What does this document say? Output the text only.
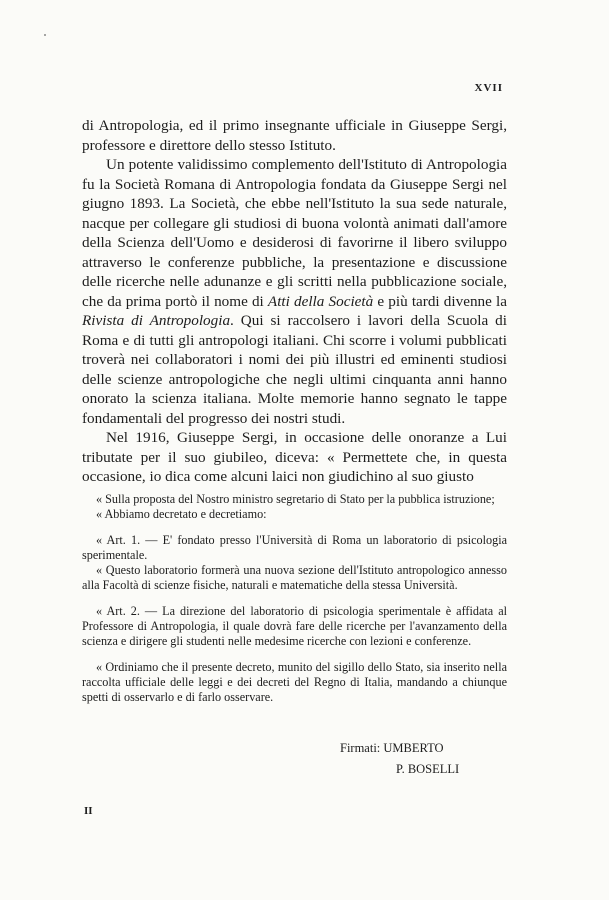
XVII

di Antropologia, ed il primo insegnante ufficiale in Giuseppe Sergi, professore e direttore dello stesso Istituto.

Un potente validissimo complemento dell'Istituto di Antropologia fu la Società Romana di Antropologia fondata da Giuseppe Sergi nel giugno 1893. La Società, che ebbe nell'Istituto la sua sede naturale, nacque per collegare gli studiosi di buona volontà animati dall'amore della Scienza dell'Uomo e desiderosi di favorirne il libero sviluppo attraverso le conferenze pubbliche, la presentazione e discussione delle ricerche nelle adunanze e gli scritti nella pubblicazione sociale, che da prima portò il nome di Atti della Società e più tardi divenne la Rivista di Antropologia. Qui si raccolsero i lavori della Scuola di Roma e di tutti gli antropologi italiani. Chi scorre i volumi pubblicati troverà nei collaboratori i nomi dei più illustri ed eminenti studiosi delle scienze antropologiche che negli ultimi cinquanta anni hanno onorato la scienza italiana. Molte memorie hanno segnato le tappe fondamentali del progresso dei nostri studi.

Nel 1916, Giuseppe Sergi, in occasione delle onoranze a Lui tributate per il suo giubileo, diceva: « Permettete che, in questa occasione, io dica come alcuni laici non giudichino al suo giusto

« Sulla proposta del Nostro ministro segretario di Stato per la pubblica istruzione;

« Abbiamo decretato e decretiamo:

« Art. 1. — E' fondato presso l'Università di Roma un laboratorio di psicologia sperimentale.

« Questo laboratorio formerà una nuova sezione dell'Istituto antropologico annesso alla Facoltà di scienze fisiche, naturali e matematiche della stessa Università.

« Art. 2. — La direzione del laboratorio di psicologia sperimentale è affidata al Professore di Antropologia, il quale dovrà fare delle ricerche per l'avanzamento della scienza e dirigere gli studenti nelle medesime ricerche con lezioni e conferenze.

« Ordiniamo che il presente decreto, munito del sigillo dello Stato, sia inserito nella raccolta ufficiale delle leggi e dei decreti del Regno di Italia, mandando a chiunque spetti di osservarlo e di farlo osservare.

Firmati: UMBERTO
P. BOSELLI
II
